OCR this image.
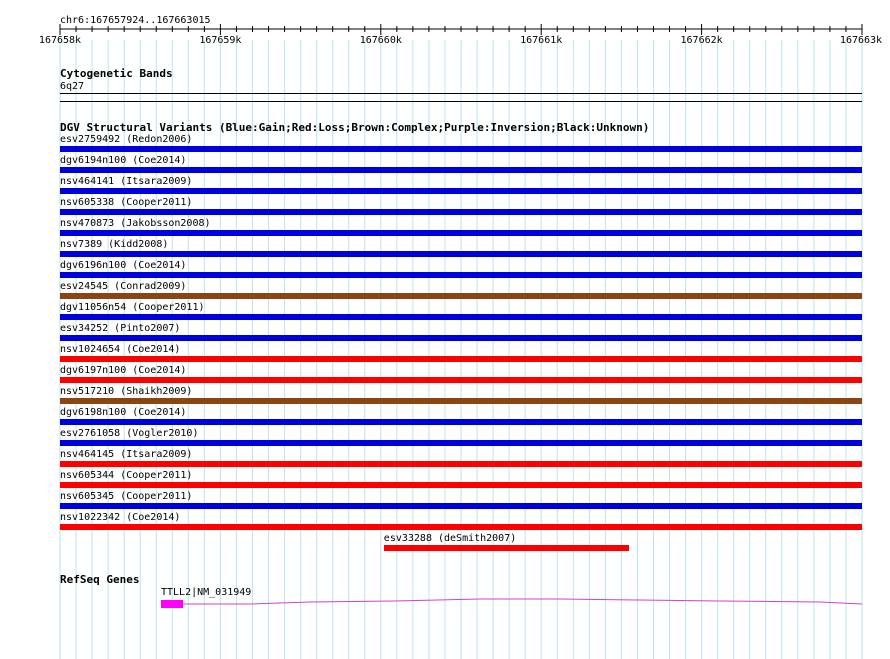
chr6:167657924..167663015
167658k	167659k	167660k	167661k	167662k	167663k
Cytogenetic Bands
6q27
DGV Structural Variants (Blue:Gain;Red:Loss;Brown:Complex;Purple:Inversion;Black:Unknown)
esv2759492 (Redon2006)
dgv6194n100 (Coe2014)
nsv464141 (Itsara2009)
nsv605338 (Cooper2011)
nsv470873 (Jakobsson2008)
nsv7389 (Kidd2008)
dgv6196n100 (Coe2014)
esv24545 (Conrad2009)
dgv11056n54 (Cooper2011)
esv34252 (Pinto2007)
nsv1024654 (Coe2014)
dgv6197n100 (Coe2014)
nsv517210 (Shaikh2009)
dgv6198n100 (Coe2014)
esv2761058 (Vogler2010)
nsv464145 (Itsara2009)
nsv605344 (Cooper2011)
nsv605345 (Cooper2011)
nsv1022342 (Coe2014)
esv33288 (deSmith2007)
RefSeq Genes
TTLL2|NM_031949
